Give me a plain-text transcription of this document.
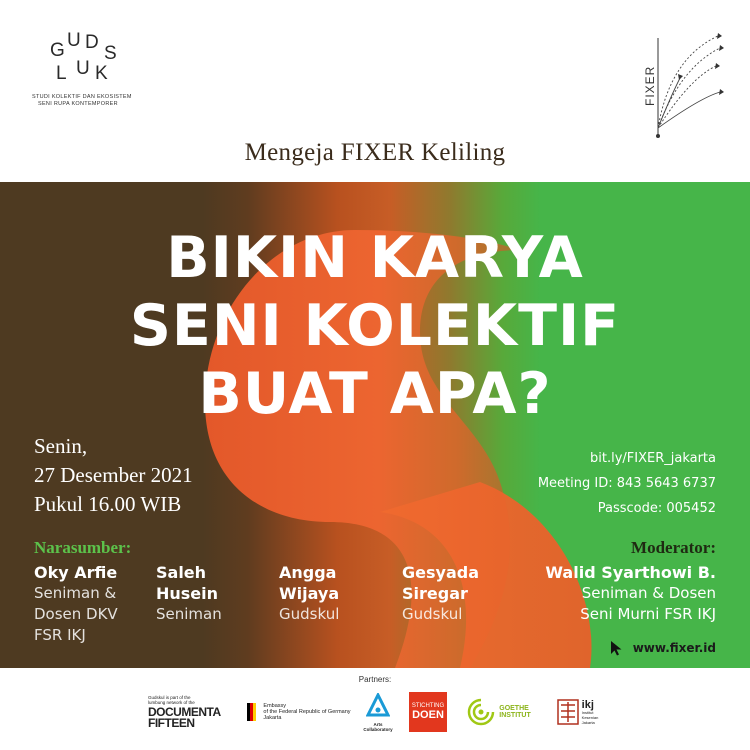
G U D
S
L U K
STUDI KOLEKTIF DAN EKOSISTEM
SENI RUPA KONTEMPORER	FIXER
Mengeja FIXER Keliling
BIKIN KARYA
SENI KOLEKTIF
BUAT APA?
Senin,
27 Desember 2021
Pukul 16.00 WIB
bit.ly/FIXER_jakarta
Meeting ID: 843 5643 6737
Passcode: 005452
Narasumber:
Oky Arfie
Seniman &
Dosen DKV
FSR IKJ
Saleh
Husein
Seniman
Angga
Wijaya
Gudskul
Gesyada
Siregar
Gudskul
Moderator:
Walid Syarthowi B.
Seniman & Dosen
Seni Murni FSR IKJ
www.fixer.id
Partners:
Gudskul is part of the
lumbung network of the
DOCUMENTA
FIFTEEN
Embassy
of the Federal Republic of Germany
Jakarta
Arts
Collaboratory
STICHTING
DOEN
GOETHE
INSTITUT
ikj
Institut
Kesenian
Jakarta
